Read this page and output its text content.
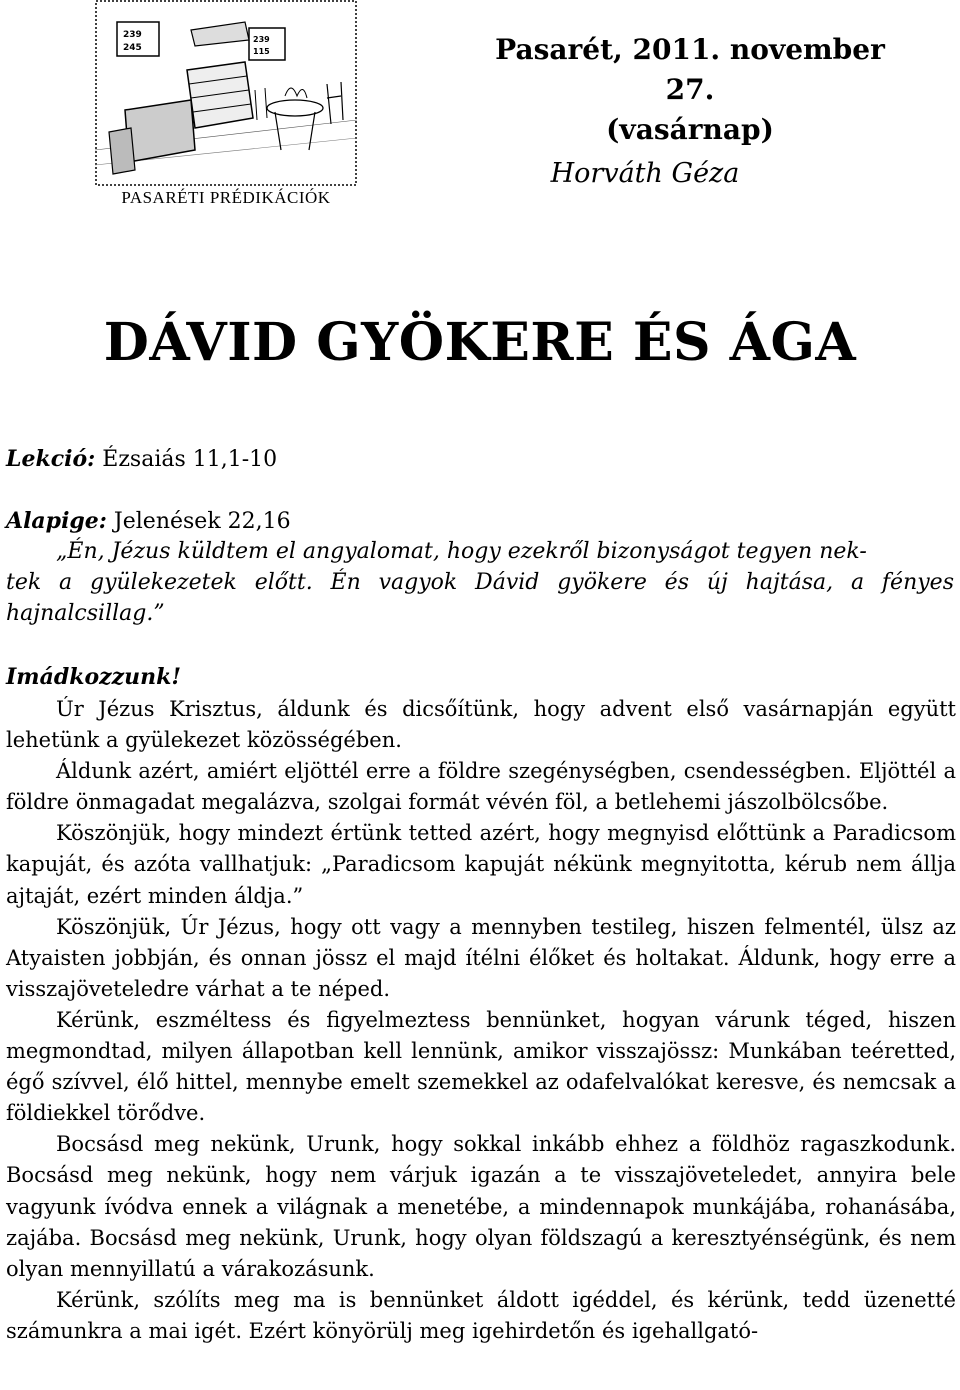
239
245
239
115
PASARÉTI PRÉDIKÁCIÓK
Pasarét, 2011. november 27.
(vasárnap)
Horváth Géza
DÁVID GYÖKERE ÉS ÁGA
Lekció: Ézsaiás 11,1-10
Alapige: Jelenések 22,16
„Én, Jézus küldtem el angyalomat, hogy ezekről bizonyságot tegyen nek-
tek a gyülekezetek előtt. Én vagyok Dávid gyökere és új hajtása, a fényes hajnalcsillag.”
Imádkozzunk!

Úr Jézus Krisztus, áldunk és dicsőítünk, hogy advent első vasárnapján együtt lehetünk a gyülekezet közösségében.

Áldunk azért, amiért eljöttél erre a földre szegénységben, csendességben. Eljöttél a földre önmagadat megalázva, szolgai formát vévén föl, a betlehemi jászolbölcsőbe.

Köszönjük, hogy mindezt értünk tetted azért, hogy megnyisd előttünk a Paradicsom kapuját, és azóta vallhatjuk: „Paradicsom kapuját nékünk megnyitotta, kérub nem állja ajtaját, ezért minden áldja.”

Köszönjük, Úr Jézus, hogy ott vagy a mennyben testileg, hiszen felmentél, ülsz az Atyaisten jobbján, és onnan jössz el majd ítélni élőket és holtakat. Áldunk, hogy erre a visszajöveteledre várhat a te néped.

Kérünk, eszméltess és figyelmeztess bennünket, hogyan várunk téged, hiszen megmondtad, milyen állapotban kell lennünk, amikor visszajössz: Munkában teéretted, égő szívvel, élő hittel, mennybe emelt szemekkel az odafelvalókat keresve, és nemcsak a földiekkel törődve.

Bocsásd meg nekünk, Urunk, hogy sokkal inkább ehhez a földhöz ragaszkodunk. Bocsásd meg nekünk, hogy nem várjuk igazán a te visszajöveteledet, annyira bele vagyunk ívódva ennek a világnak a menetébe, a mindennapok munkájába, rohanásába, zajába. Bocsásd meg nekünk, Urunk, hogy olyan földszagú a keresztyénségünk, és nem olyan mennyillatú a várakozásunk.

Kérünk, szólíts meg ma is bennünket áldott igéddel, és kérünk, tedd üzenetté számunkra a mai igét. Ezért könyörülj meg igehirdetőn és igehallgató-
